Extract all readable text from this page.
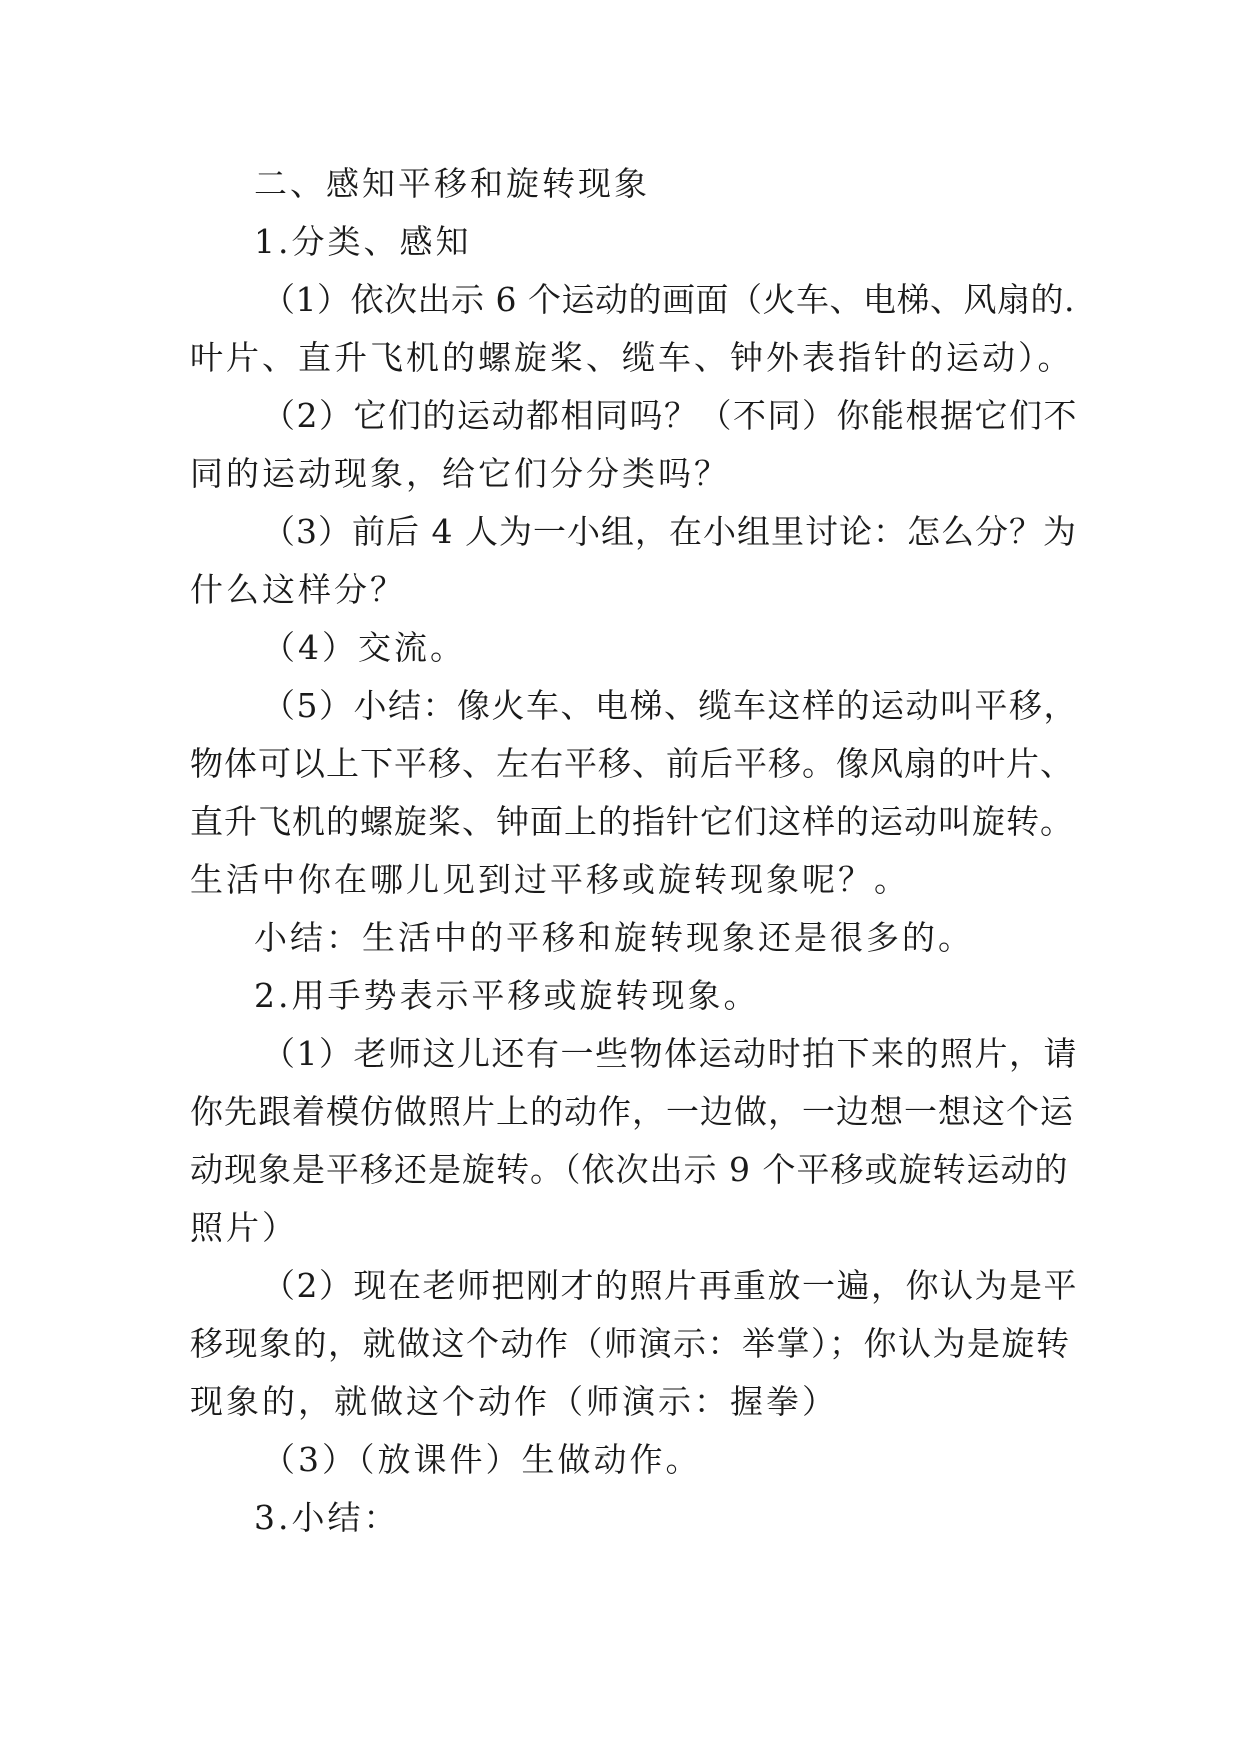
二、感知平移和旋转现象

1.分类、感知

（1）依次出示 6 个运动的画面（火车、电梯、风扇的.

叶片、直升飞机的螺旋桨、缆车、钟外表指针的运动）。

（2）它们的运动都相同吗？（不同）你能根据它们不

同的运动现象，给它们分分类吗？

（3）前后 4 人为一小组，在小组里讨论：怎么分？为

什么这样分？

（4）交流。

（5）小结：像火车、电梯、缆车这样的运动叫平移，

物体可以上下平移、左右平移、前后平移。像风扇的叶片、

直升飞机的螺旋桨、钟面上的指针它们这样的运动叫旋转。

生活中你在哪儿见到过平移或旋转现象呢？。

小结：生活中的平移和旋转现象还是很多的。

2.用手势表示平移或旋转现象。

（1）老师这儿还有一些物体运动时拍下来的照片，请

你先跟着模仿做照片上的动作，一边做，一边想一想这个运

动现象是平移还是旋转。（依次出示 9 个平移或旋转运动的

照片）

（2）现在老师把刚才的照片再重放一遍，你认为是平

移现象的，就做这个动作（师演示：举掌）；你认为是旋转

现象的，就做这个动作（师演示：握拳）

（3）（放课件）生做动作。

3.小结：
